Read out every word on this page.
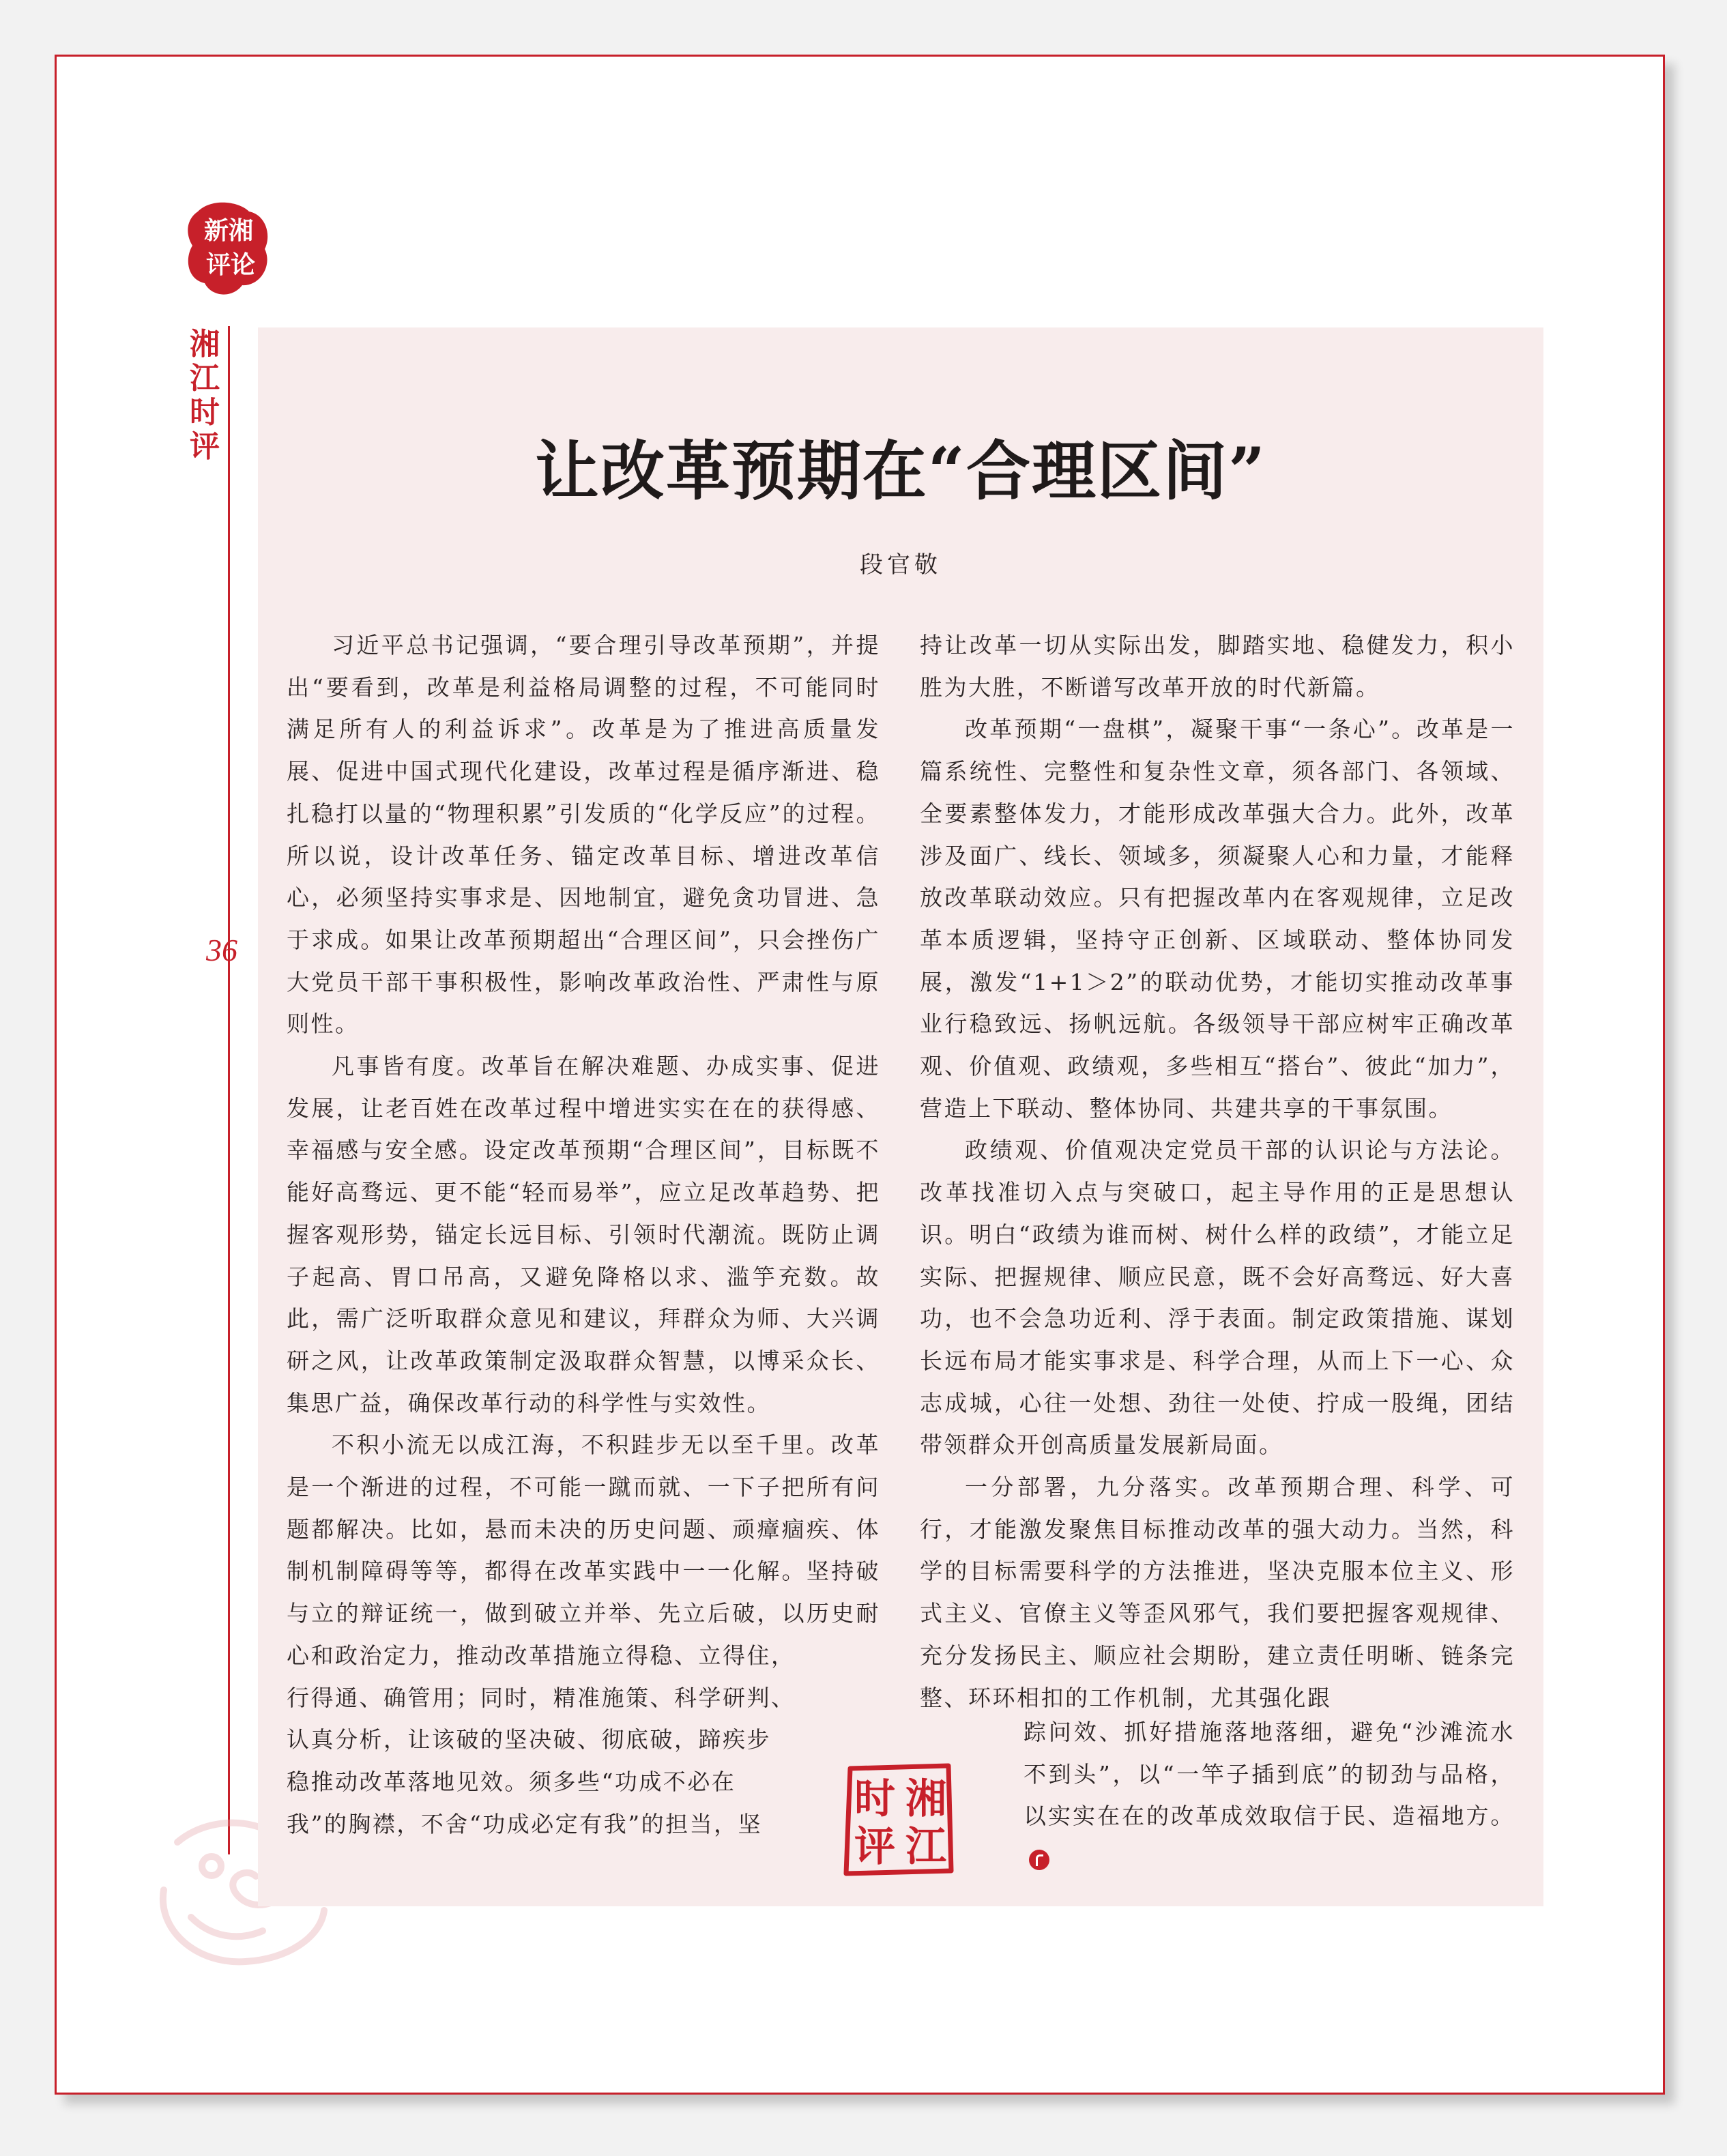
新湘
评论
湘
江
时
评
36
让改革预期在“合理区间”
段官敬

习近平总书记强调，“要合理引导改革预期”，并提出“要看到，改革是利益格局调整的过程，不可能同时满足所有人的利益诉求”。改革是为了推进高质量发展、促进中国式现代化建设，改革过程是循序渐进、稳扎稳打以量的“物理积累”引发质的“化学反应”的过程。所以说，设计改革任务、锚定改革目标、增进改革信心，必须坚持实事求是、因地制宜，避免贪功冒进、急于求成。如果让改革预期超出“合理区间”，只会挫伤广大党员干部干事积极性，影响改革政治性、严肃性与原则性。

凡事皆有度。改革旨在解决难题、办成实事、促进发展，让老百姓在改革过程中增进实实在在的获得感、幸福感与安全感。设定改革预期“合理区间”，目标既不能好高骛远、更不能“轻而易举”，应立足改革趋势、把握客观形势，锚定长远目标、引领时代潮流。既防止调子起高、胃口吊高，又避免降格以求、滥竽充数。故此，需广泛听取群众意见和建议，拜群众为师、大兴调研之风，让改革政策制定汲取群众智慧，以博采众长、集思广益，确保改革行动的科学性与实效性。

不积小流无以成江海，不积跬步无以至千里。改革是一个渐进的过程，不可能一蹴而就、一下子把所有问题都解决。比如，悬而未决的历史问题、顽瘴痼疾、体制机制障碍等等，都得在改革实践中一一化解。坚持破与立的辩证统一，做到破立并举、先立后破，以历史耐心和政治定力，推动改革措施立得稳、立得住，

行得通、确管用；同时，精准施策、科学研判、

认真分析，让该破的坚决破、彻底破，蹄疾步

稳推动改革落地见效。须多些“功成不必在

我”的胸襟，不舍“功成必定有我”的担当，坚

持让改革一切从实际出发，脚踏实地、稳健发力，积小胜为大胜，不断谱写改革开放的时代新篇。

改革预期“一盘棋”，凝聚干事“一条心”。改革是一篇系统性、完整性和复杂性文章，须各部门、各领域、全要素整体发力，才能形成改革强大合力。此外，改革涉及面广、线长、领域多，须凝聚人心和力量，才能释放改革联动效应。只有把握改革内在客观规律，立足改革本质逻辑，坚持守正创新、区域联动、整体协同发展，激发“1+1＞2”的联动优势，才能切实推动改革事业行稳致远、扬帆远航。各级领导干部应树牢正确改革观、价值观、政绩观，多些相互“搭台”、彼此“加力”，营造上下联动、整体协同、共建共享的干事氛围。

政绩观、价值观决定党员干部的认识论与方法论。改革找准切入点与突破口，起主导作用的正是思想认识。明白“政绩为谁而树、树什么样的政绩”，才能立足实际、把握规律、顺应民意，既不会好高骛远、好大喜功，也不会急功近利、浮于表面。制定政策措施、谋划长远布局才能实事求是、科学合理，从而上下一心、众志成城，心往一处想、劲往一处使、拧成一股绳，团结带领群众开创高质量发展新局面。

一分部署，九分落实。改革预期合理、科学、可行，才能激发聚焦目标推动改革的强大动力。当然，科学的目标需要科学的方法推进，坚决克服本位主义、形式主义、官僚主义等歪风邪气，我们要把握客观规律、充分发扬民主、顺应社会期盼，建立责任明晰、链条完整、环环相扣的工作机制，尤其强化跟

踪问效、抓好措施落地落细，避免“沙滩流水不到头”，以“一竿子插到底”的韧劲与品格，以实实在在的改革成效取信于民、造福地方。

湘
江
时
评
